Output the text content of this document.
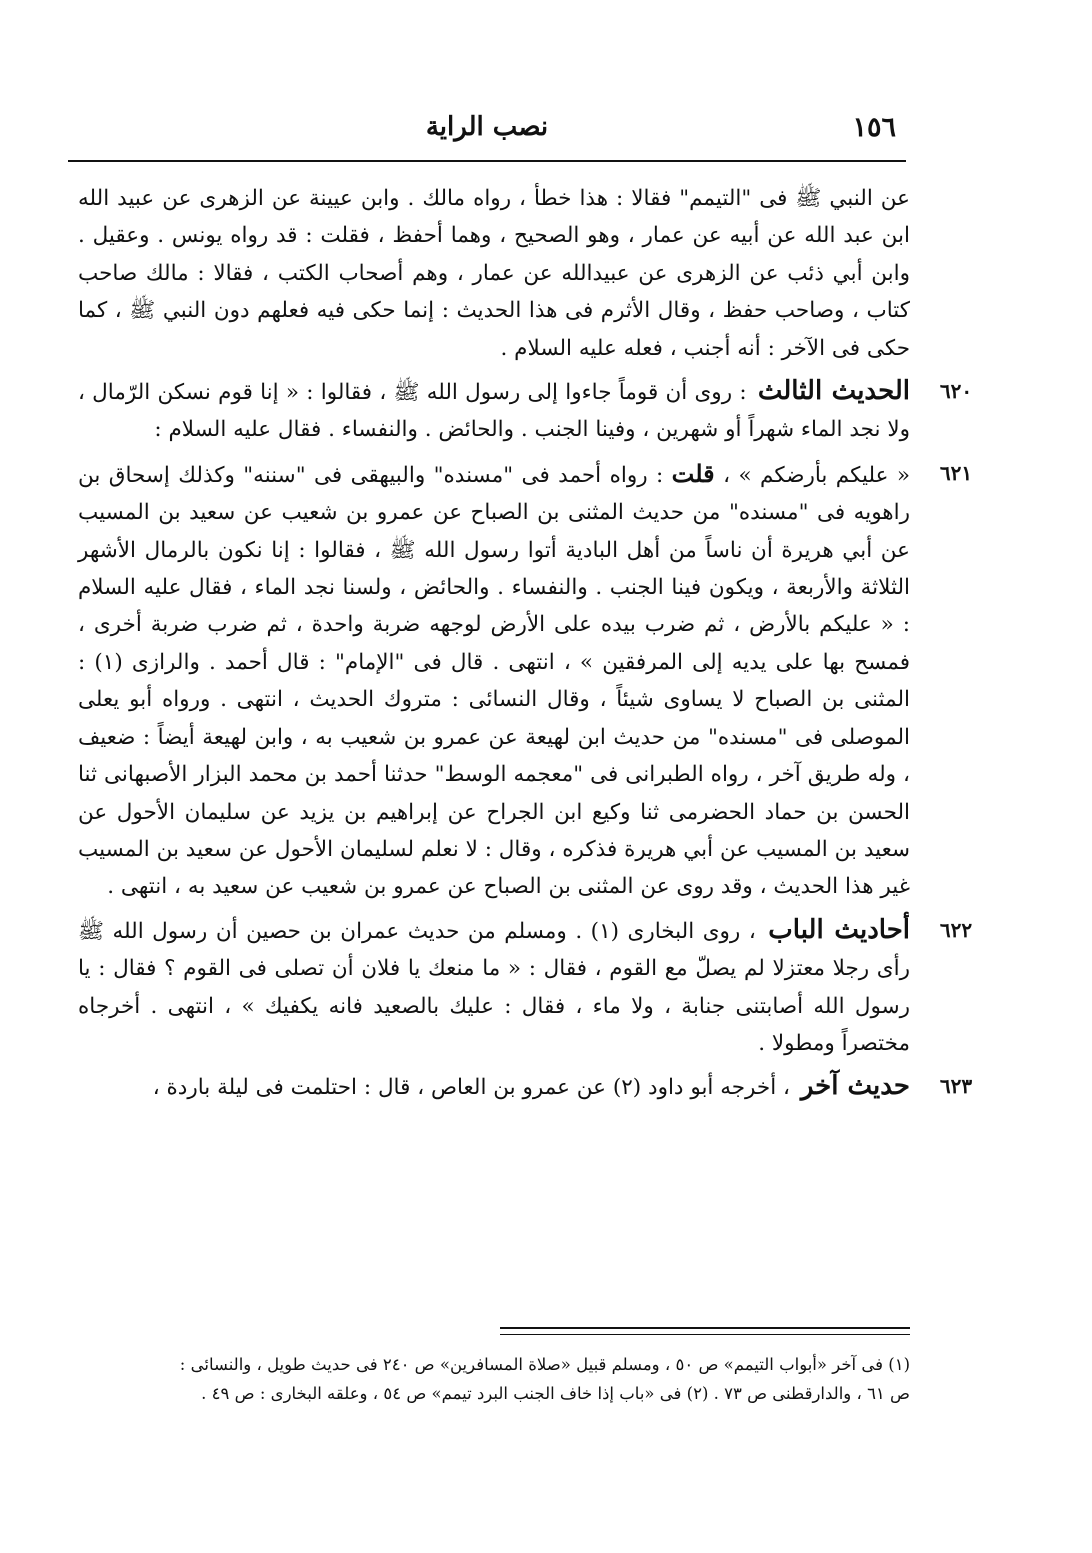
١٥٦
نصب الراية

عن النبي ﷺ فى "التيمم" فقالا : هذا خطأ ، رواه مالك . وابن عيينة عن الزهرى عن عبيد الله ابن عبد الله عن أبيه عن عمار ، وهو الصحيح ، وهما أحفظ ، فقلت : قد رواه يونس . وعقيل . وابن أبي ذئب عن الزهرى عن عبيدالله عن عمار ، وهم أصحاب الكتب ، فقالا : مالك صاحب كتاب ، وصاحب حفظ ، وقال الأثرم فى هذا الحديث : إنما حكى فيه فعلهم دون النبي ﷺ ، كما حكى فى الآخر : أنه أجنب ، فعله عليه السلام .

٦٢٠
الحديث الثالث : روى أن قوماً جاءوا إلى رسول الله ﷺ ، فقالوا : « إنا قوم نسكن الرّمال ، ولا نجد الماء شهراً أو شهرين ، وفينا الجنب . والحائض . والنفساء . فقال عليه السلام :

٦٢١
« عليكم بأرضكم » ، قلت : رواه أحمد فى "مسنده" والبيهقى فى "سننه" وكذلك إسحاق بن راهويه فى "مسنده" من حديث المثنى بن الصباح عن عمرو بن شعيب عن سعيد بن المسيب عن أبي هريرة أن ناساً من أهل البادية أتوا رسول الله ﷺ ، فقالوا : إنا نكون بالرمال الأشهر الثلاثة والأربعة ، ويكون فينا الجنب . والنفساء . والحائض ، ولسنا نجد الماء ، فقال عليه السلام : « عليكم بالأرض ، ثم ضرب بيده على الأرض لوجهه ضربة واحدة ، ثم ضرب ضربة أخرى ، فمسح بها على يديه إلى المرفقين » ، انتهى . قال فى "الإمام" : قال أحمد . والرازى (١) : المثنى بن الصباح لا يساوى شيئاً ، وقال النسائى : متروك الحديث ، انتهى . ورواه أبو يعلى الموصلى فى "مسنده" من حديث ابن لهيعة عن عمرو بن شعيب به ، وابن لهيعة أيضاً : ضعيف ، وله طريق آخر ، رواه الطبرانى فى "معجمه الوسط" حدثنا أحمد بن محمد البزار الأصبهانى ثنا الحسن بن حماد الحضرمى ثنا وكيع ابن الجراح عن إبراهيم بن يزيد عن سليمان الأحول عن سعيد بن المسيب عن أبي هريرة فذكره ، وقال : لا نعلم لسليمان الأحول عن سعيد بن المسيب غير هذا الحديث ، وقد روى عن المثنى بن الصباح عن عمرو بن شعيب عن سعيد به ، انتهى .

٦٢٢
أحاديث الباب ، روى البخارى (١) . ومسلم من حديث عمران بن حصين أن رسول الله ﷺ رأى رجلا معتزلا لم يصلّ مع القوم ، فقال : « ما منعك يا فلان أن تصلى فى القوم ؟ فقال : يا رسول الله أصابتنى جنابة ، ولا ماء ، فقال : عليك بالصعيد فانه يكفيك » ، انتهى . أخرجاه مختصراً ومطولا .

٦٢٣
حديث آخر ، أخرجه أبو داود (٢) عن عمرو بن العاص ، قال : احتلمت فى ليلة باردة ،

(١) فى آخر «أبواب التيمم» ص ٥٠ ، ومسلم قبيل «صلاة المسافرين» ص ٢٤٠ فى حديث طويل ، والنسائى :

ص ٦١ ، والدارقطنى ص ٧٣ . (٢) فى «باب إذا خاف الجنب البرد تيمم» ص ٥٤ ، وعلقه البخارى : ص ٤٩ .
